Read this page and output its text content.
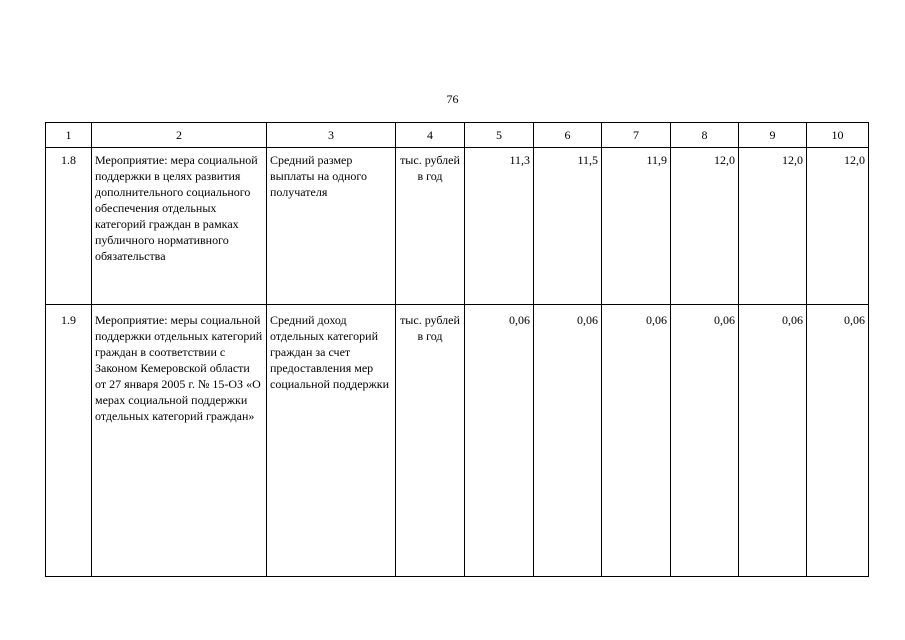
76
1	2	3	4	5	6	7	8	9	10
1.8	Мероприятие: мера социальной поддержки в целях развития дополнительного социального обеспечения отдельных категорий граждан в рамках публичного нормативного обязательства	Средний размер выплаты на одного получателя	тыс. рублей в год	11,3	11,5	11,9	12,0	12,0	12,0
1.9	Мероприятие: меры социальной поддержки отдельных категорий граждан в соответствии с Законом Кемеровской области от 27 января 2005 г. № 15-ОЗ «О мерах социальной поддержки отдельных категорий граждан»	Средний доход отдельных категорий граждан за счет предоставления мер социальной поддержки	тыс. рублей в год	0,06	0,06	0,06	0,06	0,06	0,06
